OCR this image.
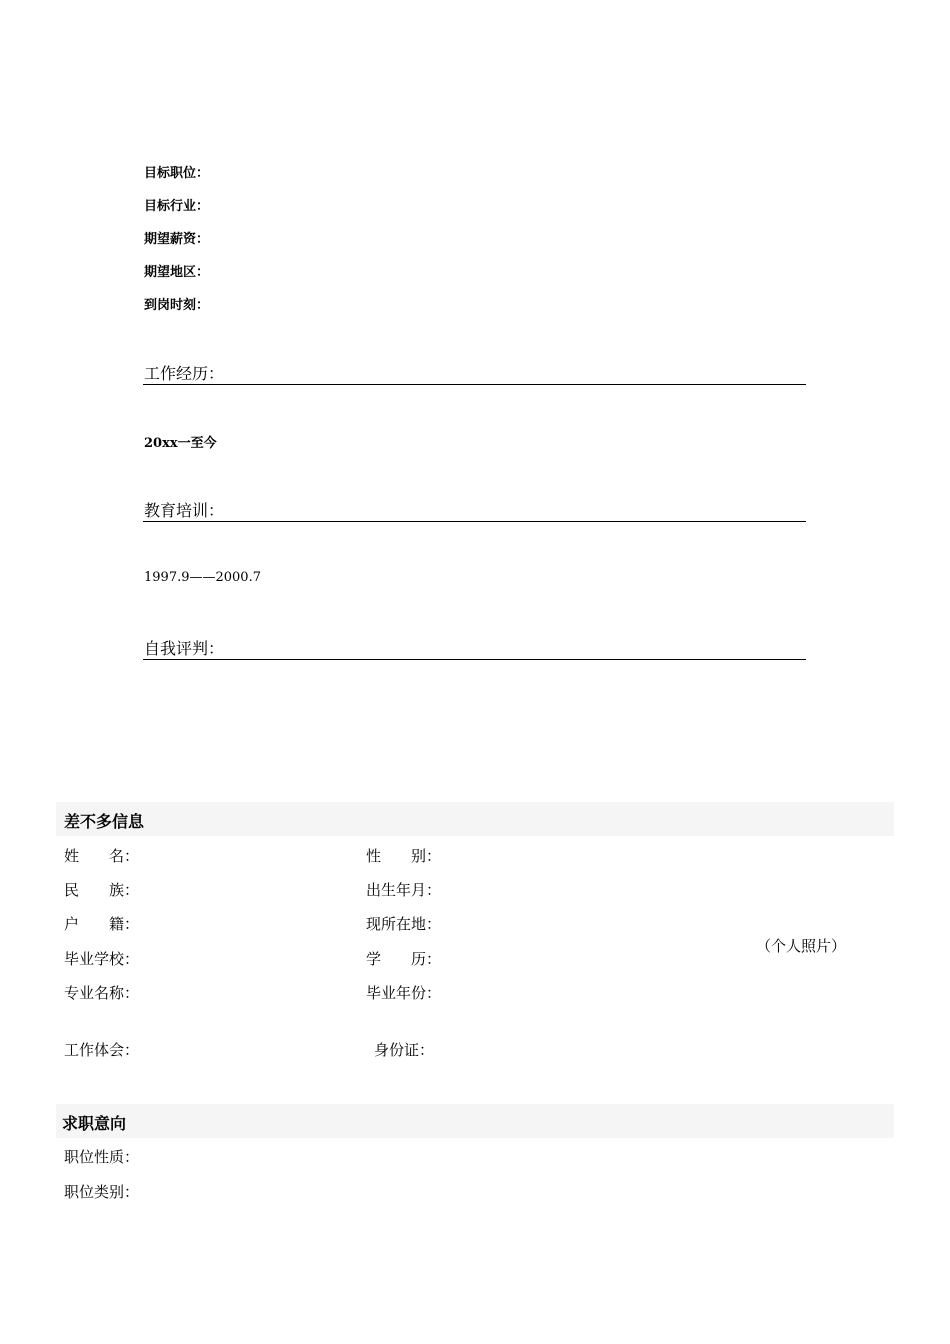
目标职位：
目标行业：
期望薪资：
期望地区：
到岗时刻：
工作经历：
20xx一至今
教育培训：
1997.9——2000.7
自我评判：
差不多信息
姓　　名：
民　　族：
户　　籍：
毕业学校：
专业名称：
性　　别：
出生年月：
现所在地：
学　　历：
毕业年份：
（个人照片）
工作体会：	身份证：
求职意向
职位性质：
职位类别：
